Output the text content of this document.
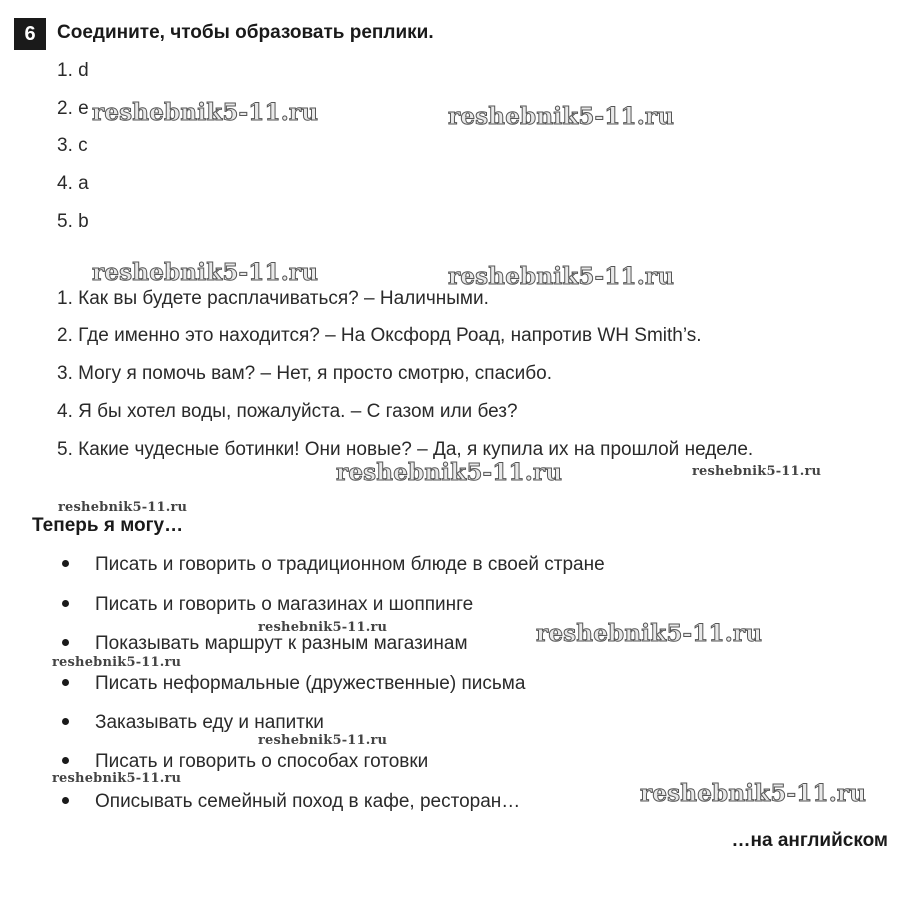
6	Соедините, чтобы образовать реплики.
1. d
2. e
3. c
4. a
5. b
1. Как вы будете расплачиваться? – Наличными.
2. Где именно это находится? – На Оксфорд Роад, напротив WH Smith’s.
3. Могу я помочь вам? – Нет, я просто смотрю, спасибо.
4. Я бы хотел воды, пожалуйста. – С газом или без?
5. Какие чудесные ботинки! Они новые? – Да, я купила их на прошлой неделе.
Теперь я могу…
Писать и говорить о традиционном блюде в своей стране
Писать и говорить о магазинах и шоппинге
Показывать маршрут к разным магазинам
Писать неформальные (дружественные) письма
Заказывать еду и напитки
Писать и говорить о способах готовки
Описывать семейный поход в кафе, ресторан…
…на английском
reshebnik5-11.ru	reshebnik5-11.ru
reshebnik5-11.ru	reshebnik5-11.ru
reshebnik5-11.ru	reshebnik5-11.ru
reshebnik5-11.ru
reshebnik5-11.ru	reshebnik5-11.ru
reshebnik5-11.ru
reshebnik5-11.ru
reshebnik5-11.ru
reshebnik5-11.ru
